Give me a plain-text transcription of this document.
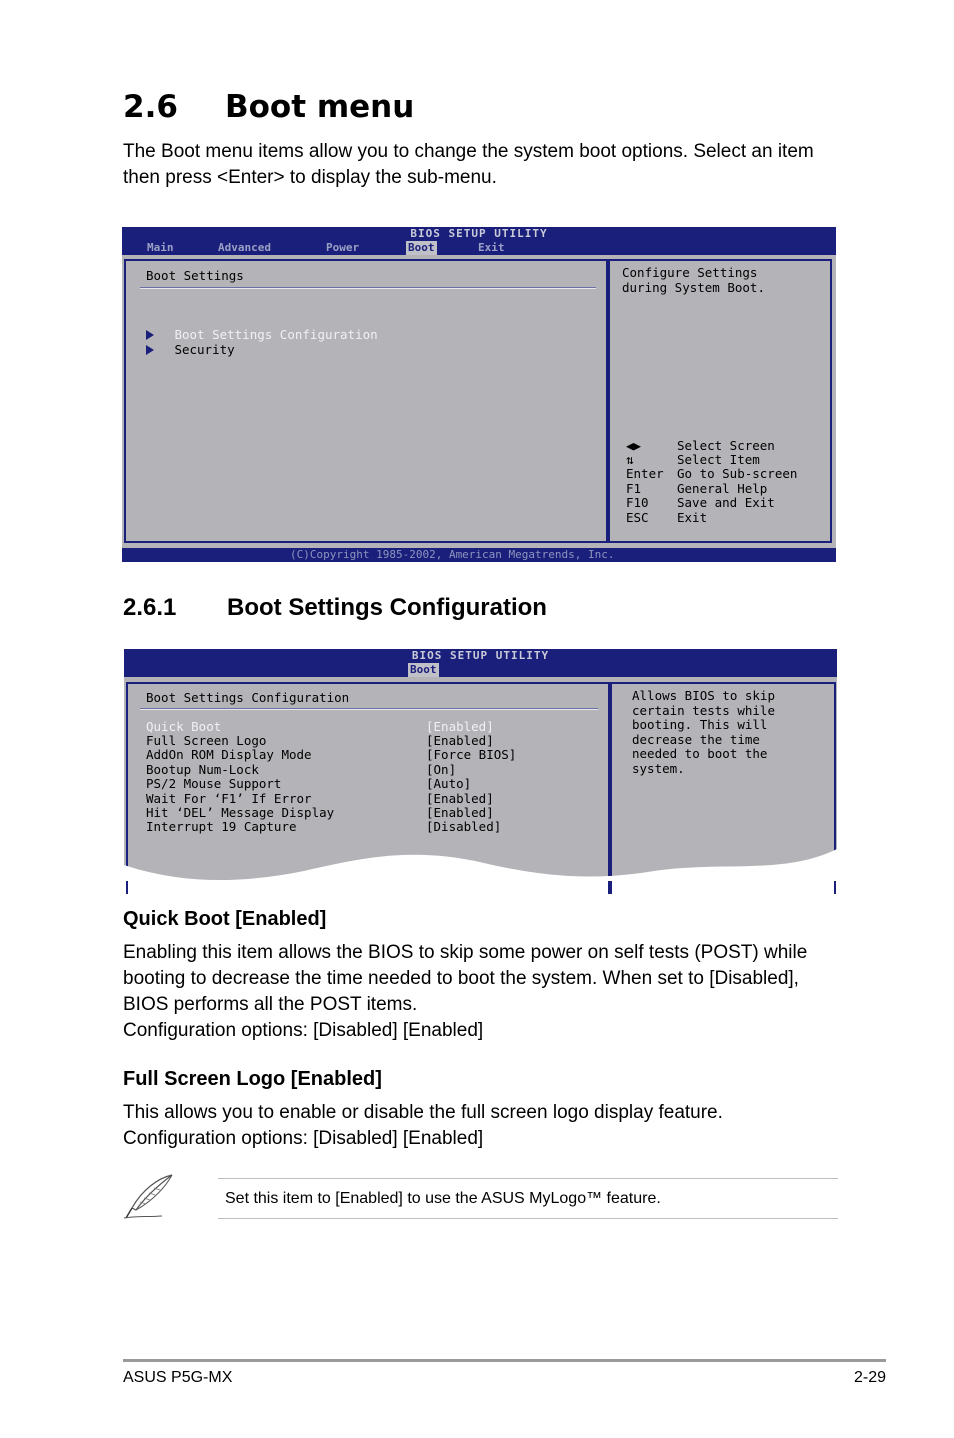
2.6 Boot menu
The Boot menu items allow you to change the system boot options. Select an item then press <Enter> to display the sub-menu.
BIOS SETUP UTILITY
Main	Advanced	Power	Boot	Exit
Boot Settings
Boot Settings Configuration
Security
Configure Settings
during System Boot.
◀▶	Select Screen
⇅	Select Item
Enter Go to Sub-screen
F1	General Help
F10 Save and Exit
ESC Exit
(C)Copyright 1985-2002, American Megatrends, Inc.
2.6.1 Boot Settings Configuration
BIOS SETUP UTILITY
Boot
Boot Settings Configuration
Quick Boot	[Enabled]
Full Screen Logo	[Enabled]
AddOn ROM Display Mode	[Force BIOS]
Bootup Num-Lock	[On]
PS/2 Mouse Support	[Auto]
Wait For ‘F1’ If Error	[Enabled]
Hit ‘DEL’ Message Display	[Enabled]
Interrupt 19 Capture	[Disabled]
Allows BIOS to skip
certain tests while
booting. This will
decrease the time
needed to boot the
system.
Quick Boot [Enabled]
Enabling this item allows the BIOS to skip some power on self tests (POST) while booting to decrease the time needed to boot the system. When set to [Disabled], BIOS performs all the POST items.
Configuration options: [Disabled] [Enabled]
Full Screen Logo [Enabled]
This allows you to enable or disable the full screen logo display feature.
Configuration options: [Disabled] [Enabled]
Set this item to [Enabled] to use the ASUS MyLogo™ feature.
ASUS P5G-MX	2-29
